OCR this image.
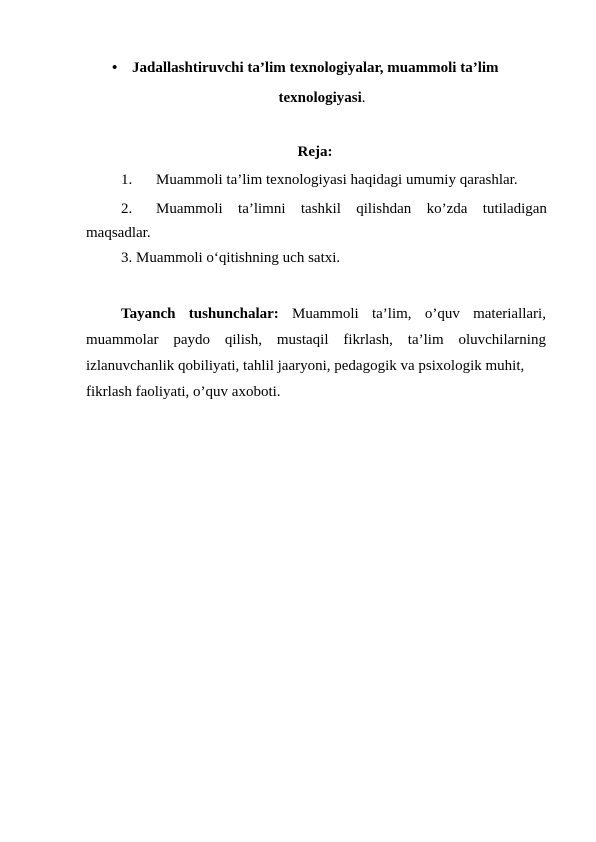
• Jadallashtiruvchi ta’lim texnologiyalar, muammoli ta’lim
texnologiyasi.
Reja:
1. Muammoli ta’lim texnologiyasi haqidagi umumiy qarashlar.
2. Muammoli ta’limni tashkil qilishdan ko’zda tutiladigan
maqsadlar.
3. Muammoli o‘qitishning uch satxi.
Tayanch tushunchalar: Muammoli ta’lim, o’quv materiallari,
muammolar paydo qilish, mustaqil fikrlash, ta’lim oluvchilarning
izlanuvchanlik qobiliyati, tahlil jaaryoni, pedagogik va psixologik muhit,
fikrlash faoliyati, o’quv axoboti.
